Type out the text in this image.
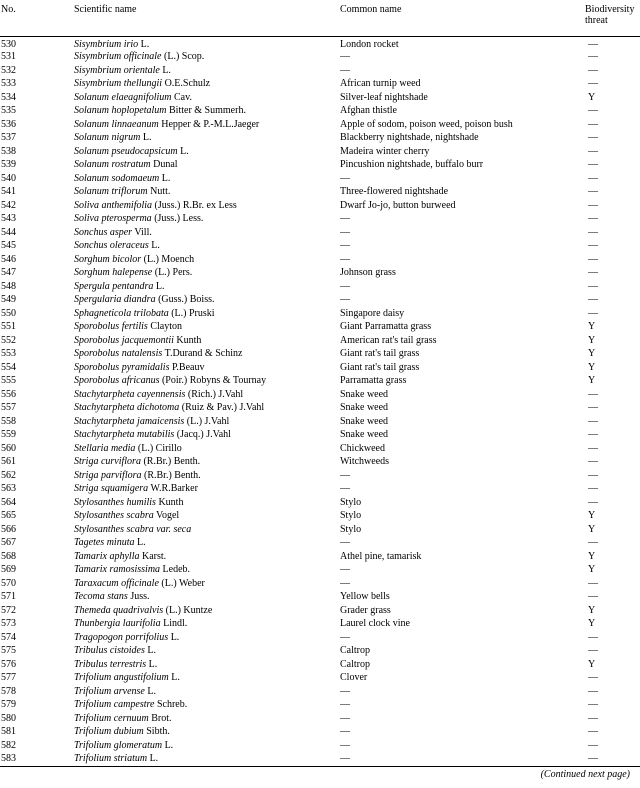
No.	Scientific name	Common name	Biodiversity threat
530	Sisymbrium irio L.	London rocket	—
531	Sisymbrium officinale (L.) Scop.	—	—
532	Sisymbrium orientale L.	—	—
533	Sisymbrium thellungii O.E.Schulz	African turnip weed	—
534	Solanum elaeagnifolium Cav.	Silver-leaf nightshade	Y
535	Solanum hoplopetalum Bitter & Summerh.	Afghan thistle	—
536	Solanum linnaeanum Hepper & P.-M.L.Jaeger	Apple of sodom, poison weed, poison bush	—
537	Solanum nigrum L.	Blackberry nightshade, nightshade	—
538	Solanum pseudocapsicum L.	Madeira winter cherry	—
539	Solanum rostratum Dunal	Pincushion nightshade, buffalo burr	—
540	Solanum sodomaeum L.	—	—
541	Solanum triflorum Nutt.	Three-flowered nightshade	—
542	Soliva anthemifolia (Juss.) R.Br. ex Less	Dwarf Jo-jo, button burweed	—
543	Soliva pterosperma (Juss.) Less.	—	—
544	Sonchus asper Vill.	—	—
545	Sonchus oleraceus L.	—	—
546	Sorghum bicolor (L.) Moench	—	—
547	Sorghum halepense (L.) Pers.	Johnson grass	—
548	Spergula pentandra L.	—	—
549	Spergularia diandra (Guss.) Boiss.	—	—
550	Sphagneticola trilobata (L.) Pruski	Singapore daisy	—
551	Sporobolus fertilis Clayton	Giant Parramatta grass	Y
552	Sporobolus jacquemontii Kunth	American rat's tail grass	Y
553	Sporobolus natalensis T.Durand & Schinz	Giant rat's tail grass	Y
554	Sporobolus pyramidalis P.Beauv	Giant rat's tail grass	Y
555	Sporobolus africanus (Poir.) Robyns & Tournay	Parramatta grass	Y
556	Stachytarpheta cayennensis (Rich.) J.Vahl	Snake weed	—
557	Stachytarpheta dichotoma (Ruiz & Pav.) J.Vahl	Snake weed	—
558	Stachytarpheta jamaicensis (L.) J.Vahl	Snake weed	—
559	Stachytarpheta mutabilis (Jacq.) J.Vahl	Snake weed	—
560	Stellaria media (L.) Cirillo	Chickweed	—
561	Striga curviflora (R.Br.) Benth.	Witchweeds	—
562	Striga parviflora (R.Br.) Benth.	—	—
563	Striga squamigera W.R.Barker	—	—
564	Stylosanthes humilis Kunth	Stylo	—
565	Stylosanthes scabra Vogel	Stylo	Y
566	Stylosanthes scabra var. seca	Stylo	Y
567	Tagetes minuta L.	—	—
568	Tamarix aphylla Karst.	Athel pine, tamarisk	Y
569	Tamarix ramosissima Ledeb.	—	Y
570	Taraxacum officinale (L.) Weber	—	—
571	Tecoma stans Juss.	Yellow bells	—
572	Themeda quadrivalvis (L.) Kuntze	Grader grass	Y
573	Thunbergia laurifolia Lindl.	Laurel clock vine	Y
574	Tragopogon porrifolius L.	—	—
575	Tribulus cistoides L.	Caltrop	—
576	Tribulus terrestris L.	Caltrop	Y
577	Trifolium angustifolium L.	Clover	—
578	Trifolium arvense L.	—	—
579	Trifolium campestre Schreb.	—	—
580	Trifolium cernuum Brot.	—	—
581	Trifolium dubium Sibth.	—	—
582	Trifolium glomeratum L.	—	—
583	Trifolium striatum L.	—	—
(Continued next page)
